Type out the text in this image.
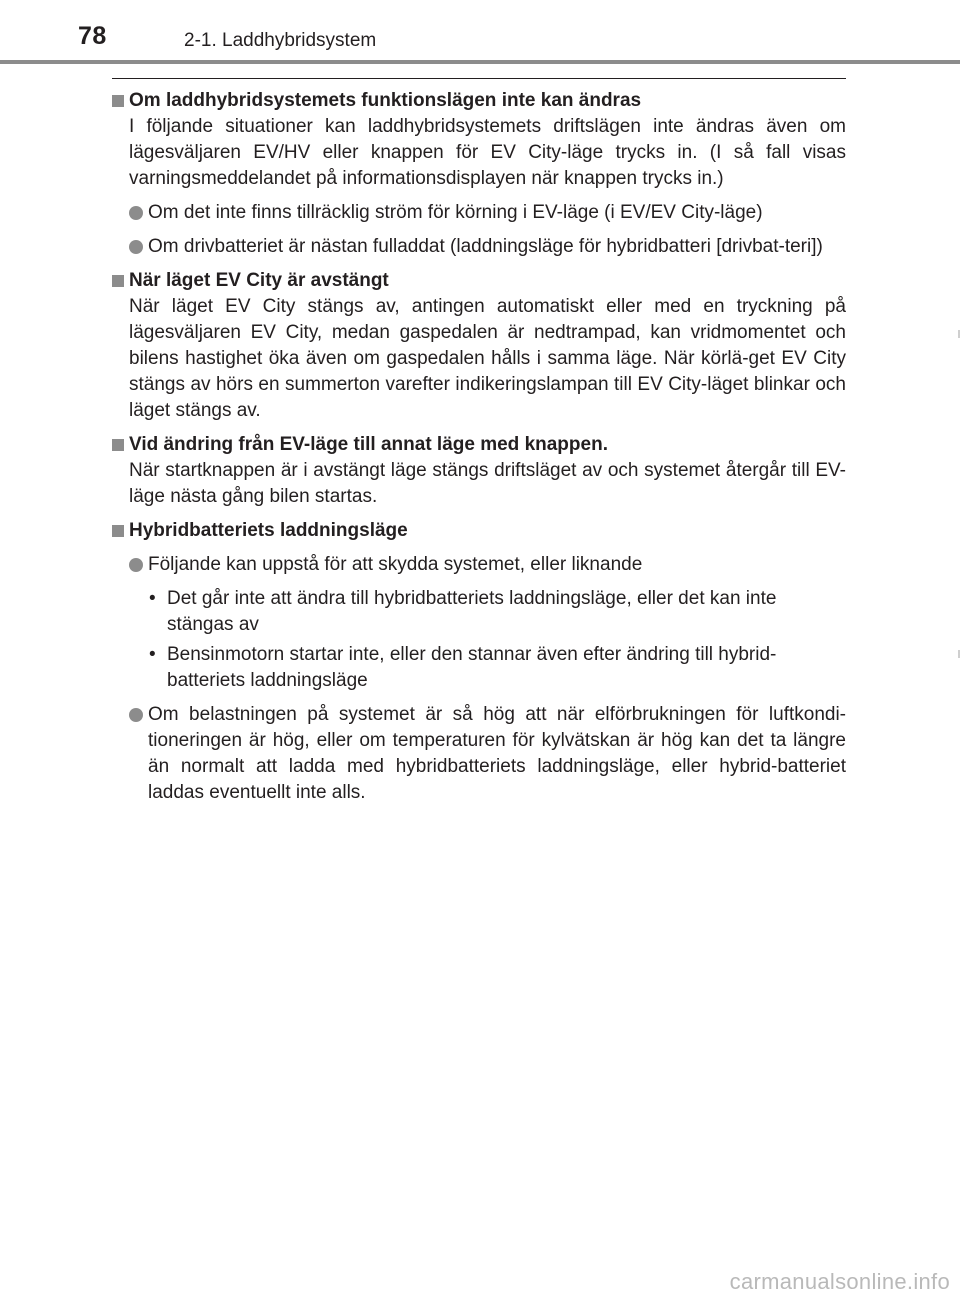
78	2-1. Laddhybridsystem
Om laddhybridsystemets funktionslägen inte kan ändras
I följande situationer kan laddhybridsystemets driftslägen inte ändras även om lägesväljaren EV/HV eller knappen för EV City-läge trycks in. (I så fall visas varningsmeddelandet på informationsdisplayen när knappen trycks in.)
Om det inte finns tillräcklig ström för körning i EV-läge (i EV/EV City-läge)
Om drivbatteriet är nästan fulladdat (laddningsläge för hybridbatteri [drivbat-teri])
När läget EV City är avstängt
När läget EV City stängs av, antingen automatiskt eller med en tryckning på lägesväljaren EV City, medan gaspedalen är nedtrampad, kan vridmomentet och bilens hastighet öka även om gaspedalen hålls i samma läge. När körlä-get EV City stängs av hörs en summerton varefter indikeringslampan till EV City-läget blinkar och läget stängs av.
Vid ändring från EV-läge till annat läge med knappen.
När startknappen är i avstängt läge stängs driftsläget av och systemet återgår till EV-läge nästa gång bilen startas.
Hybridbatteriets laddningsläge
Följande kan uppstå för att skydda systemet, eller liknande
• Det går inte att ändra till hybridbatteriets laddningsläge, eller det kan inte stängas av
• Bensinmotorn startar inte, eller den stannar även efter ändring till hybrid-batteriets laddningsläge
Om belastningen på systemet är så hög att när elförbrukningen för luftkondi-tioneringen är hög, eller om temperaturen för kylvätskan är hög kan det ta längre än normalt att ladda med hybridbatteriets laddningsläge, eller hybrid-batteriet laddas eventuellt inte alls.
carmanualsonline.info
